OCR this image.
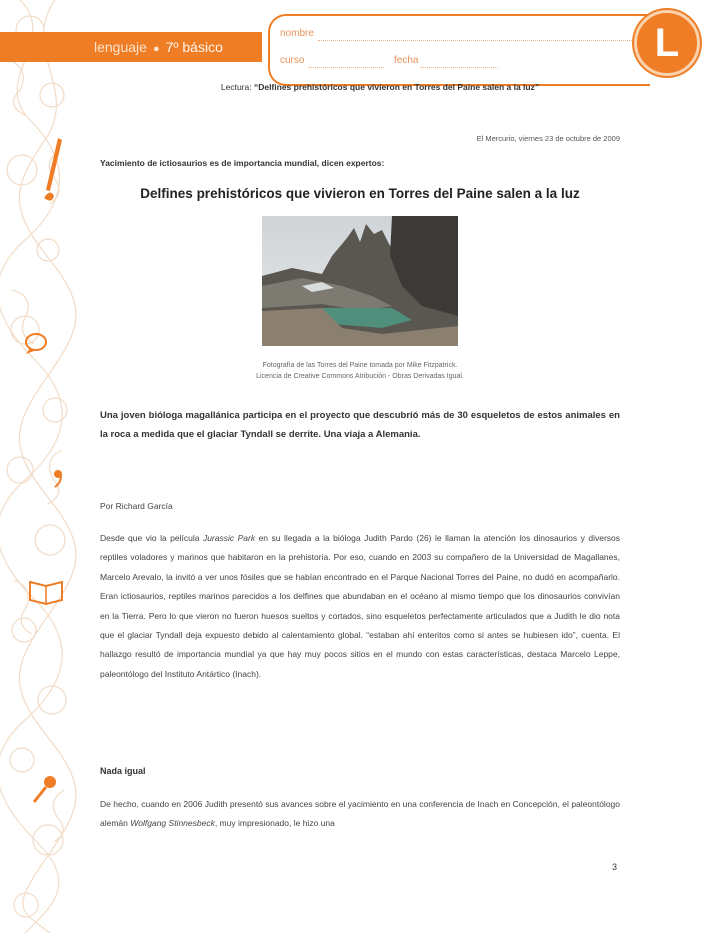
lenguaje ● 7º básico
nombre
curso	fecha	L
Lectura: “Delfines prehistóricos que vivieron en Torres del Paine salen a la luz”
El Mercurio, viernes 23 de octubre de 2009
Yacimiento de ictiosaurios es de importancia mundial, dicen expertos:
Delfines prehistóricos que vivieron en Torres del Paine salen a la luz
Fotografía de las Torres del Paine tomada por Mike Fitzpatrick.
Licencia de Creative Commons Atribución - Obras Derivadas Igual.
Una joven bióloga magallánica participa en el proyecto que descubrió más de 30 esqueletos de estos animales en la roca a medida que el glaciar Tyndall se derrite. Una viaja a Alemania.
Por Richard García
Desde que vio la película Jurassic Park en su llegada a la bióloga Judith Pardo (26) le llaman la atención los dinosaurios y diversos reptiles voladores y marinos que habitaron en la prehistoria. Por eso, cuando en 2003 su compañero de la Universidad de Magallanes, Marcelo Arevalo, la invitó a ver unos fósiles que se habían encontrado en el Parque Nacional Torres del Paine, no dudó en acompañarlo. Eran ictiosaurios, reptiles marinos parecidos a los delfines que abundaban en el océano al mismo tiempo que los dinosaurios convivían en la Tierra. Pero lo que vieron no fueron huesos sueltos y cortados, sino esqueletos perfectamente articulados que a Judith le dio nota que el glaciar Tyndall deja expuesto debido al calentamiento global. “estaban ahí enteritos como si antes se hubiesen ido”, cuenta. El hallazgo resultó de importancia mundial ya que hay muy pocos sitios en el mundo con estas características, destaca Marcelo Leppe, paleontólogo del Instituto Antártico (Inach).
Nada igual
De hecho, cuando en 2006 Judith presentó sus avances sobre el yacimiento en una conferencia de Inach en Concepción, el paleontólogo alemán Wolfgang Stinnesbeck, muy impresionado, le hizo una
3
